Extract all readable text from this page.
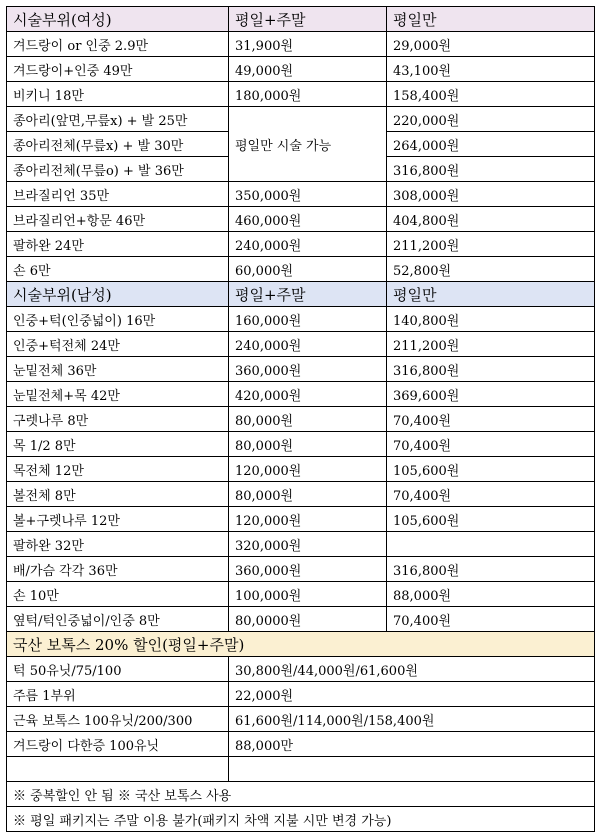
시술부위(여성)	평일+주말	평일만
겨드랑이 or 인중 2.9만	31,900원	29,000원
겨드랑이+인중 49만	49,000원	43,100원
비키니 18만	180,000원	158,400원
종아리(앞면,무릎x) + 발 25만	평일만 시술 가능	220,000원
종아리전체(무릎x) + 발 30만		264,000원
종아리전체(무릎o) + 발 36만		316,800원
브라질리언 35만	350,000원	308,000원
브라질리언+항문 46만	460,000원	404,800원
팔하완 24만	240,000원	211,200원
손 6만	60,000원	52,800원
시술부위(남성)	평일+주말	평일만
인중+턱(인중넓이) 16만	160,000원	140,800원
인중+턱전체 24만	240,000원	211,200원
눈밑전체 36만	360,000원	316,800원
눈밑전체+목 42만	420,000원	369,600원
구렛나루 8만	80,000원	70,400원
목 1/2 8만	80,000원	70,400원
목전체 12만	120,000원	105,600원
볼전체 8만	80,000원	70,400원
볼+구렛나루 12만	120,000원	105,600원
팔하완 32만	320,000원	
배/가슴 각각 36만	360,000원	316,800원
손 10만	100,000원	88,000원
옆턱/턱인중넓이/인중 8만	80,0000원	70,400원
국산 보톡스 20% 할인(평일+주말)		
턱 50유닛/75/100	30,800원/44,000원/61,600원	
주름 1부위	22,000원	
근육 보톡스 100유닛/200/300	61,600원/114,000원/158,400원	
겨드랑이 다한증 100유닛	88,000만	

※ 중복할인 안 됨 ※ 국산 보톡스 사용		
※ 평일 패키지는 주말 이용 불가(패키지 차액 지불 시만 변경 가능)		
